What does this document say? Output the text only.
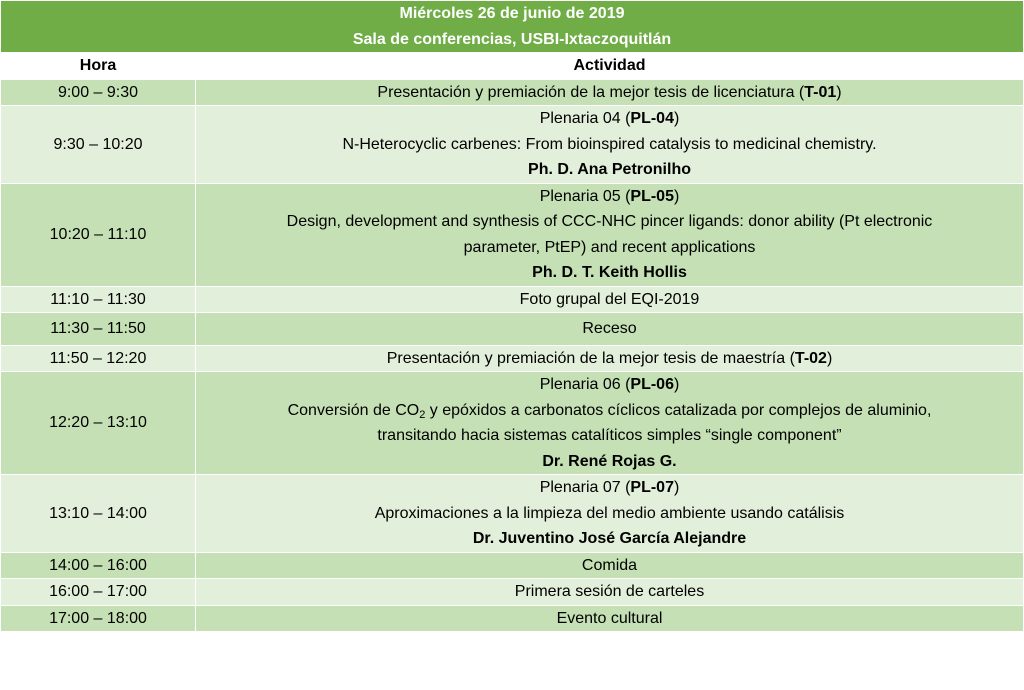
Miércoles 26 de junio de 2019
Sala de conferencias, USBI-Ixtaczoquitlán	

Hora	Actividad
9:00 – 9:30	Presentación y premiación de la mejor tesis de licenciatura (T-01)
9:30 – 10:20	Plenaria 04 (PL-04)
N-Heterocyclic carbenes: From bioinspired catalysis to medicinal chemistry.
Ph. D. Ana Petronilho

10:20 – 11:10	Plenaria 05 (PL-05)
Design, development and synthesis of CCC-NHC pincer ligands: donor ability (Pt electronic
parameter, PtEP) and recent applications
Ph. D. T. Keith Hollis

11:10 – 11:30	Foto grupal del EQI-2019
11:30 – 11:50	Receso
11:50 – 12:20	Presentación y premiación de la mejor tesis de maestría (T-02)
12:20 – 13:10	Plenaria 06 (PL-06)
Conversión de $CO_2$ y epóxidos a carbonatos cíclicos catalizada por complejos de aluminio,
transitando hacia sistemas catalíticos simples “single component”
Dr. René Rojas G.

13:10 – 14:00	Plenaria 07 (PL-07)
Aproximaciones a la limpieza del medio ambiente usando catálisis
Dr. Juventino José García Alejandre

14:00 – 16:00	Comida
16:00 – 17:00	Primera sesión de carteles
17:00 – 18:00	Evento cultural
